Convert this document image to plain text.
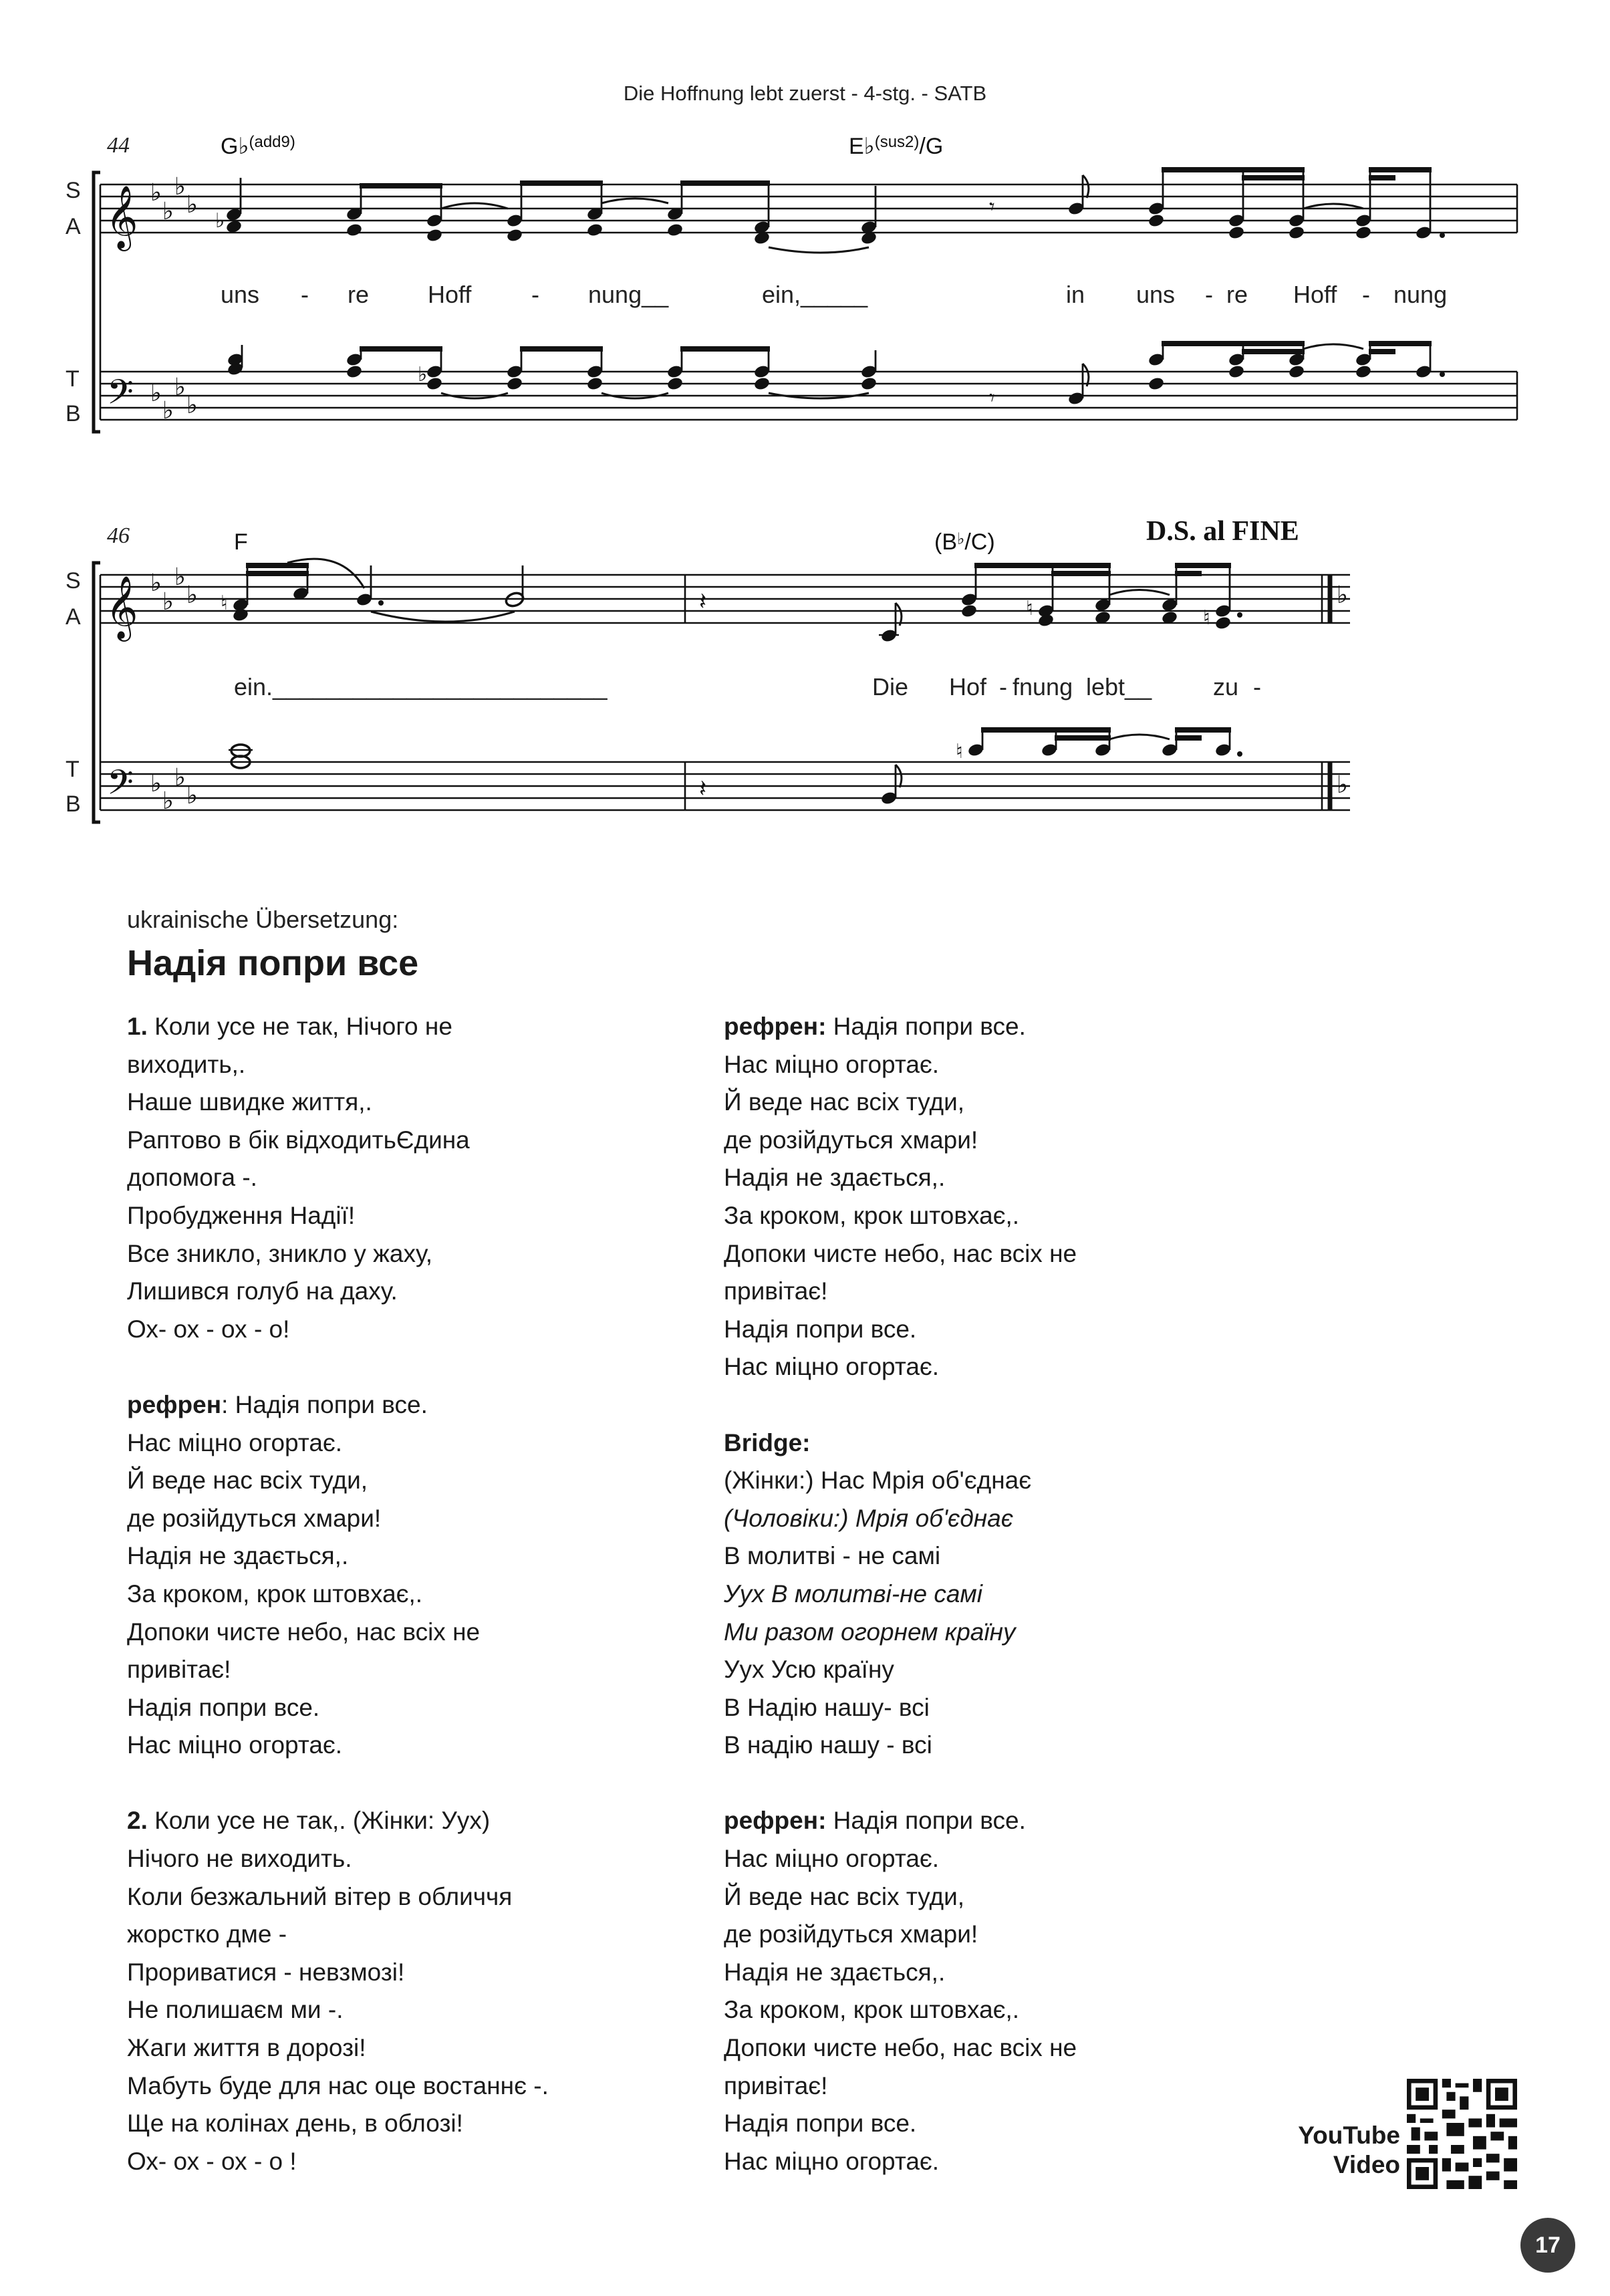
Die Hoffnung lebt zuerst - 4-stg. - SATB
44	G♭$^{(add9)}$	E♭$^{(sus2)}$/G
S
A
T
B
𝄞 ♭
♭
♭
♭
𝄢 ♭
♭
♭
♭
♭
𝄾
♭
𝄾
uns - re Hoff - nung__	ein,_____	in uns - re Hoff - nung
46	F	(B♭/C)	D.S. al FINE
S
A
T
B
𝄞 ♭
♭
♭
♭	♭
𝄢 ♭
♭
♭
♭	♭
♮	𝄽	♮	♮
𝄽
♮
ein._________________________	Die Hof - fnung lebt__	zu -
ukrainische Übersetzung:
Надія попри все
1. Коли усе не так, Нічого не
виходить,.
Наше швидке життя,.
Раптово в бік відходитьЄдина
допомога -.
Пробудження Надії!
Все зникло, зникло у жаху,
Лишився голуб на даху.
Ох- ох - ох - о!
рефрен: Надія попри все.
Нас міцно огортає.
Й веде нас всіх туди,
де розійдуться хмари!
Надія не здається,.
За кроком, крок штовхає,.
Допоки чисте небо, нас всіх не
привітає!
Надія попри все.
Нас міцно огортає.
2. Коли усе не так,. (Жінки: Уух)
Нічого не виходить.
Коли безжальний вітер в обличчя
жорстко дме -
Прориватися - невзмозі!
Не полишаєм ми -.
Жаги життя в дорозі!
Мабуть буде для нас оце востаннє -.
Ще на колінах день, в облозі!
Ох- ох - ох - о !
рефрен: Надія попри все.
Нас міцно огортає.
Й веде нас всіх туди,
де розійдуться хмари!
Надія не здається,.
За кроком, крок штовхає,.
Допоки чисте небо, нас всіх не
привітає!
Надія попри все.
Нас міцно огортає.
Bridge:
(Жінки:) Нас Мрія об'єднає
(Чоловіки:) Мрія об'єднає
В молитві - не самі
Уух В молитві-не самі
Ми разом огорнем країну
Уух Усю країну
В Надію нашу- всі
В надію нашу - всі
рефрен: Надія попри все.
Нас міцно огортає.
Й веде нас всіх туди,
де розійдуться хмари!
Надія не здається,.
За кроком, крок штовхає,.
Допоки чисте небо, нас всіх не
привітає!
Надія попри все.
Нас міцно огортає.
YouTube
Video
17
